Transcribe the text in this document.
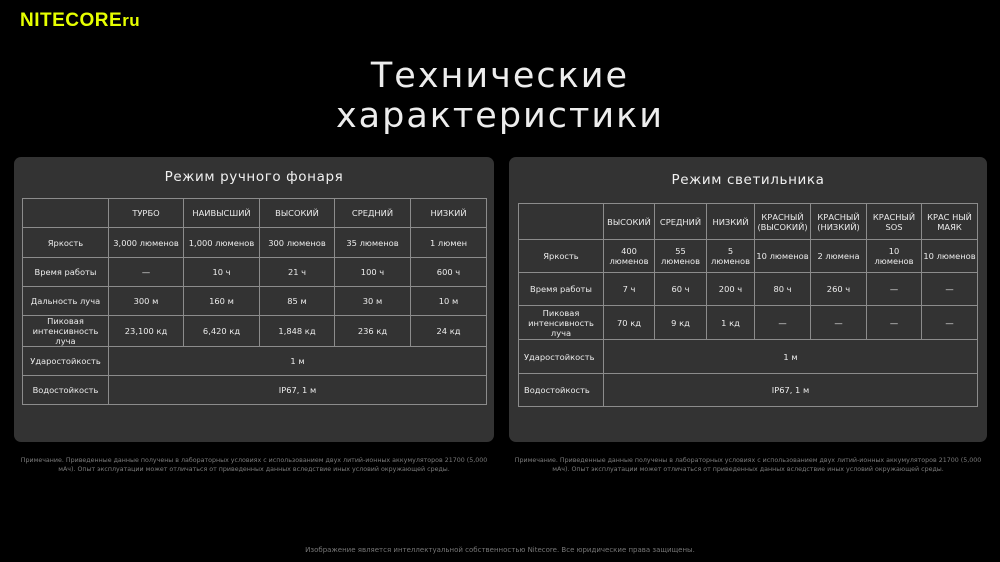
NITECOREru
Технические
характеристики
Режим ручного фонаря
	ТУРБО	НАИВЫСШИЙ	ВЫСОКИЙ	СРЕДНИЙ	НИЗКИЙ
Яркость	3,000 люменов	1,000 люменов	300 люменов	35 люменов	1 люмен
Время работы	—	10 ч	21 ч	100 ч	600 ч
Дальность луча	300 м	160 м	85 м	30 м	10 м
Пиковая интенсивность луча	23,100 кд	6,420 кд	1,848 кд	236 кд	24 кд
Ударостойкость	1 м				
Водостойкость	IP67, 1 м				
Режим светильника
	ВЫСОКИЙ	СРЕДНИЙ	НИЗКИЙ	КРАСНЫЙ (ВЫСОКИЙ)	КРАСНЫЙ (НИЗКИЙ)	КРАСНЫЙ SOS	КРАС НЫЙ МАЯК
Яркость	400 люменов	55 люменов	5 люменов	10 люменов	2 люмена	10 люменов	10 люменов
Время работы	7 ч	60 ч	200 ч	80 ч	260 ч	—	—
Пиковая интенсивность луча	70 кд	9 кд	1 кд	—	—	—	—
Ударостойкость	1 м						
Водостойкость	IP67, 1 м						
Примечание. Приведенные данные получены в лабораторных условиях с использованием двух литий-ионных аккумуляторов 21700 (5,000 мАч). Опыт эксплуатации может отличаться от приведенных данных вследствие иных условий окружающей среды.
Примечание. Приведенные данные получены в лабораторных условиях с использованием двух литий-ионных аккумуляторов 21700 (5,000 мАч). Опыт эксплуатации может отличаться от приведенных данных вследствие иных условий окружающей среды.
Изображение является интеллектуальной собственностью Nitecore. Все юридические права защищены.
